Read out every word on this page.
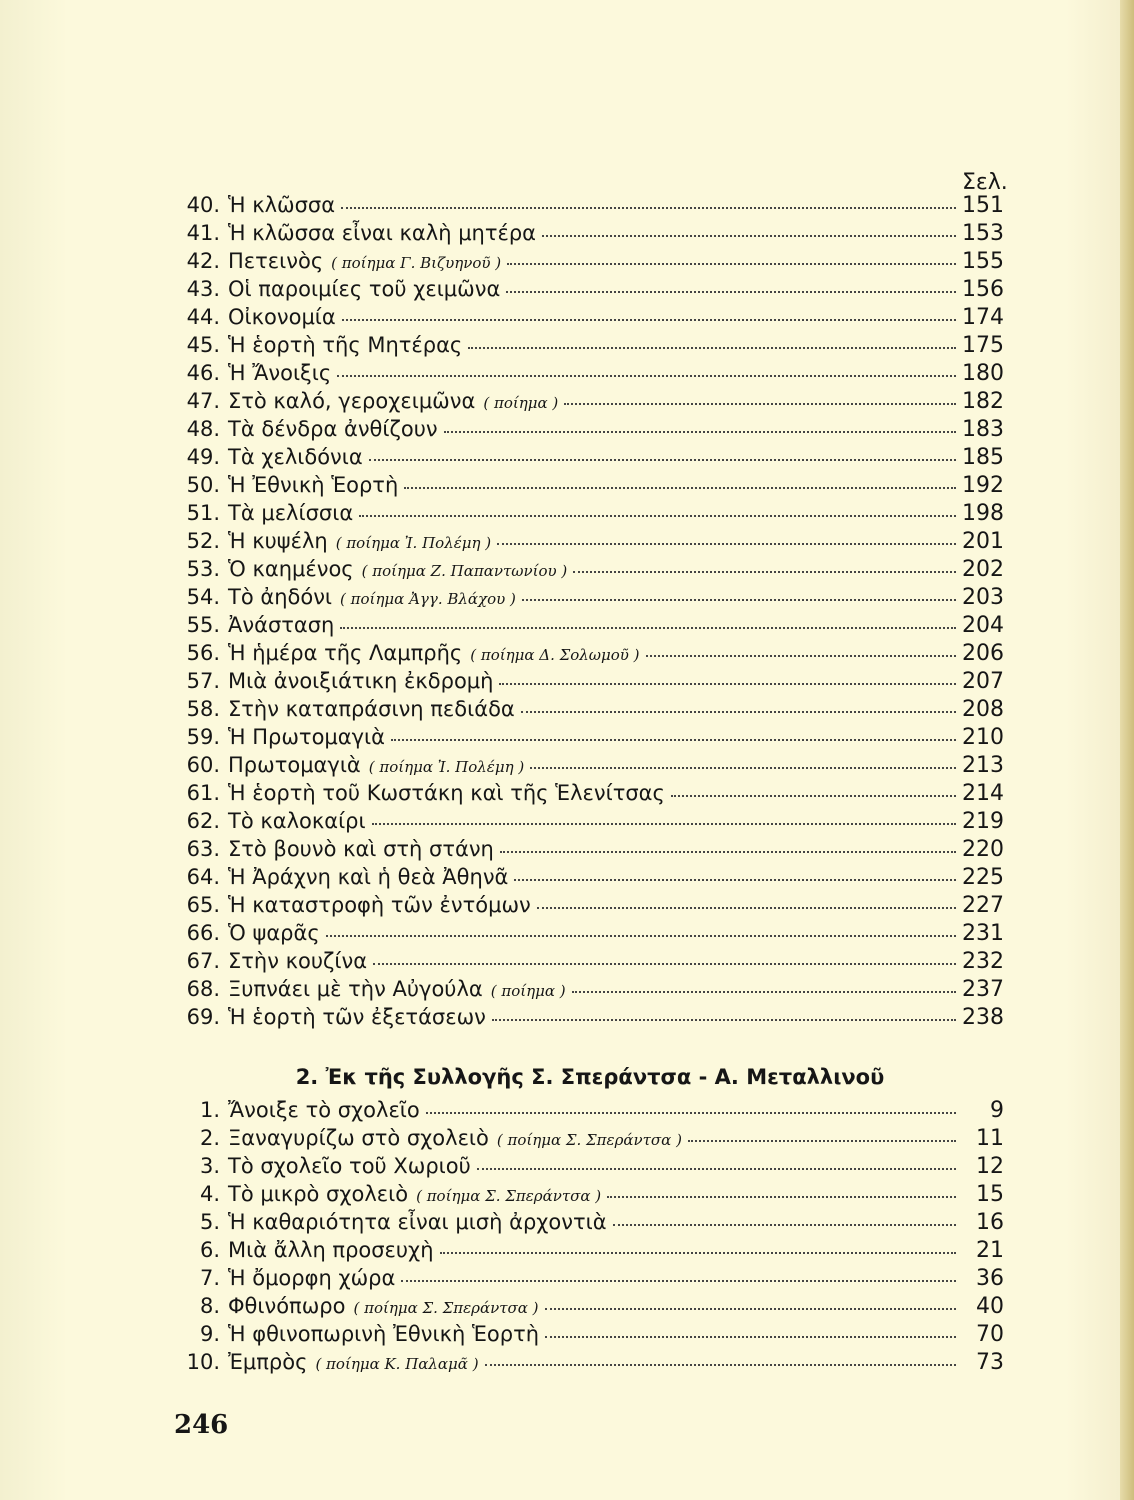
Σελ.
40. Ἡ κλῶσσα	151
41. Ἡ κλῶσσα εἶναι καλὴ μητέρα	153
42. Πετεινὸς ( ποίημα Γ. Βιζυηνοῦ )	155
43. Οἱ παροιμίες τοῦ χειμῶνα	156
44. Οἰκονομία	174
45. Ἡ ἑορτὴ τῆς Μητέρας	175
46. Ἡ Ἄνοιξις	180
47. Στὸ καλό, γεροχειμῶνα ( ποίημα )	182
48. Τὰ δένδρα ἀνθίζουν	183
49. Τὰ χελιδόνια	185
50. Ἡ Ἐθνικὴ Ἑορτὴ	192
51. Τὰ μελίσσια	198
52. Ἡ κυψέλη ( ποίημα Ἰ. Πολέμη )	201
53. Ὁ καημένος ( ποίημα Ζ. Παπαντωνίου )	202
54. Τὸ ἀηδόνι ( ποίημα Ἀγγ. Βλάχου )	203
55. Ἀνάσταση	204
56. Ἡ ἡμέρα τῆς Λαμπρῆς ( ποίημα Δ. Σολωμοῦ )	206
57. Μιὰ ἀνοιξιάτικη ἐκδρομὴ	207
58. Στὴν καταπράσινη πεδιάδα	208
59. Ἡ Πρωτομαγιὰ	210
60. Πρωτομαγιὰ ( ποίημα Ἰ. Πολέμη )	213
61. Ἡ ἑορτὴ τοῦ Κωστάκη καὶ τῆς Ἑλενίτσας	214
62. Τὸ καλοκαίρι	219
63. Στὸ βουνὸ καὶ στὴ στάνη	220
64. Ἡ Ἀράχνη καὶ ἡ θεὰ Ἀθηνᾶ	225
65. Ἡ καταστροφὴ τῶν ἐντόμων	227
66. Ὁ ψαρᾶς	231
67. Στὴν κουζίνα	232
68. Ξυπνάει μὲ τὴν Αὐγούλα ( ποίημα )	237
69. Ἡ ἑορτὴ τῶν ἐξετάσεων	238
2. Ἐκ τῆς Συλλογῆς Σ. Σπεράντσα - Α. Μεταλλινοῦ
1. Ἄνοιξε τὸ σχολεῖο	9
2. Ξαναγυρίζω στὸ σχολειὸ ( ποίημα Σ. Σπεράντσα )	11
3. Τὸ σχολεῖο τοῦ Χωριοῦ	12
4. Τὸ μικρὸ σχολειὸ ( ποίημα Σ. Σπεράντσα )	15
5. Ἡ καθαριότητα εἶναι μισὴ ἀρχοντιὰ	16
6. Μιὰ ἄλλη προσευχὴ	21
7. Ἡ ὄμορφη χώρα	36
8. Φθινόπωρο ( ποίημα Σ. Σπεράντσα )	40
9. Ἡ φθινοπωρινὴ Ἐθνικὴ Ἑορτὴ	70
10. Ἐμπρὸς ( ποίημα Κ. Παλαμᾶ )	73
246
